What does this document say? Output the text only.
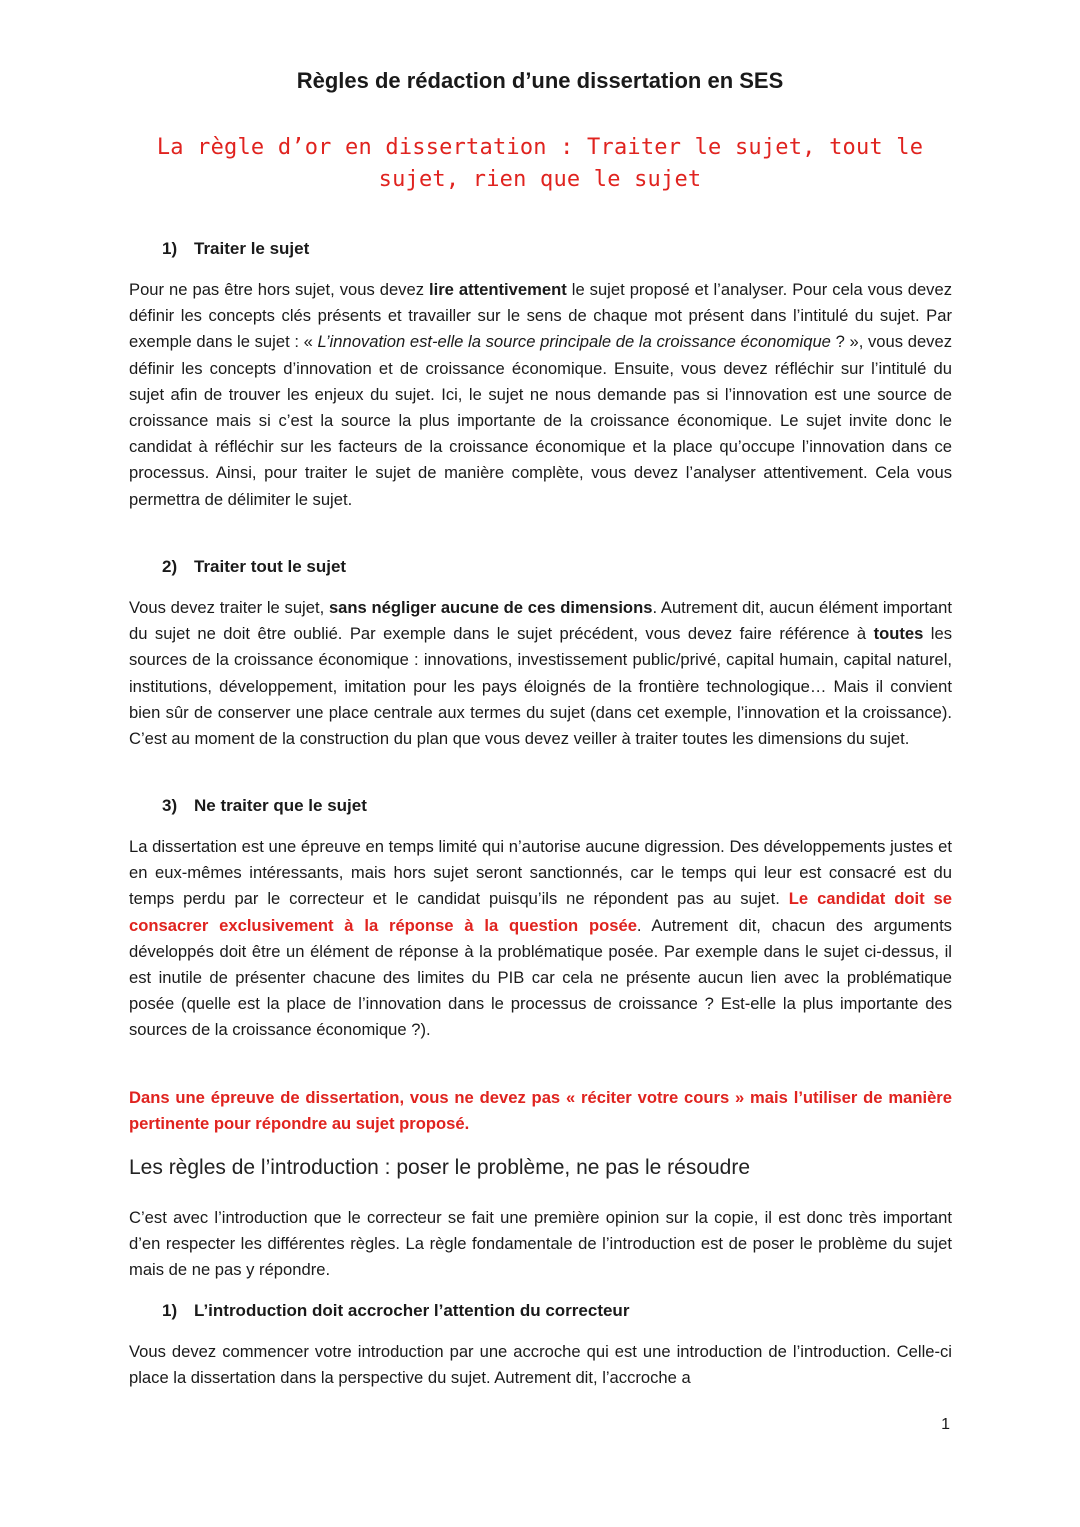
Règles de rédaction d’une dissertation en SES

La règle d’or en dissertation : Traiter le sujet, tout le sujet, rien que le sujet

1) Traiter le sujet

Pour ne pas être hors sujet, vous devez lire attentivement le sujet proposé et l’analyser. Pour cela vous devez définir les concepts clés présents et travailler sur le sens de chaque mot présent dans l’intitulé du sujet. Par exemple dans le sujet : « L’innovation est-elle la source principale de la croissance économique ? », vous devez définir les concepts d’innovation et de croissance économique. Ensuite, vous devez réfléchir sur l’intitulé du sujet afin de trouver les enjeux du sujet. Ici, le sujet ne nous demande pas si l’innovation est une source de croissance mais si c’est la source la plus importante de la croissance économique. Le sujet invite donc le candidat à réfléchir sur les facteurs de la croissance économique et la place qu’occupe l’innovation dans ce processus. Ainsi, pour traiter le sujet de manière complète, vous devez l’analyser attentivement. Cela vous permettra de délimiter le sujet.

2) Traiter tout le sujet

Vous devez traiter le sujet, sans négliger aucune de ces dimensions. Autrement dit, aucun élément important du sujet ne doit être oublié. Par exemple dans le sujet précédent, vous devez faire référence à toutes les sources de la croissance économique : innovations, investissement public/privé, capital humain, capital naturel, institutions, développement, imitation pour les pays éloignés de la frontière technologique… Mais il convient bien sûr de conserver une place centrale aux termes du sujet (dans cet exemple, l’innovation et la croissance). C’est au moment de la construction du plan que vous devez veiller à traiter toutes les dimensions du sujet.

3) Ne traiter que le sujet

La dissertation est une épreuve en temps limité qui n’autorise aucune digression. Des développements justes et en eux-mêmes intéressants, mais hors sujet seront sanctionnés, car le temps qui leur est consacré est du temps perdu par le correcteur et le candidat puisqu’ils ne répondent pas au sujet. Le candidat doit se consacrer exclusivement à la réponse à la question posée. Autrement dit, chacun des arguments développés doit être un élément de réponse à la problématique posée. Par exemple dans le sujet ci-dessus, il est inutile de présenter chacune des limites du PIB car cela ne présente aucun lien avec la problématique posée (quelle est la place de l’innovation dans le processus de croissance ? Est-elle la plus importante des sources de la croissance économique ?).

Dans une épreuve de dissertation, vous ne devez pas « réciter votre cours » mais l’utiliser de manière pertinente pour répondre au sujet proposé.

Les règles de l’introduction : poser le problème, ne pas le résoudre

C’est avec l’introduction que le correcteur se fait une première opinion sur la copie, il est donc très important d’en respecter les différentes règles. La règle fondamentale de l’introduction est de poser le problème du sujet mais de ne pas y répondre.

1) L’introduction doit accrocher l’attention du correcteur

Vous devez commencer votre introduction par une accroche qui est une introduction de l’introduction. Celle-ci place la dissertation dans la perspective du sujet. Autrement dit, l’accroche a

1
